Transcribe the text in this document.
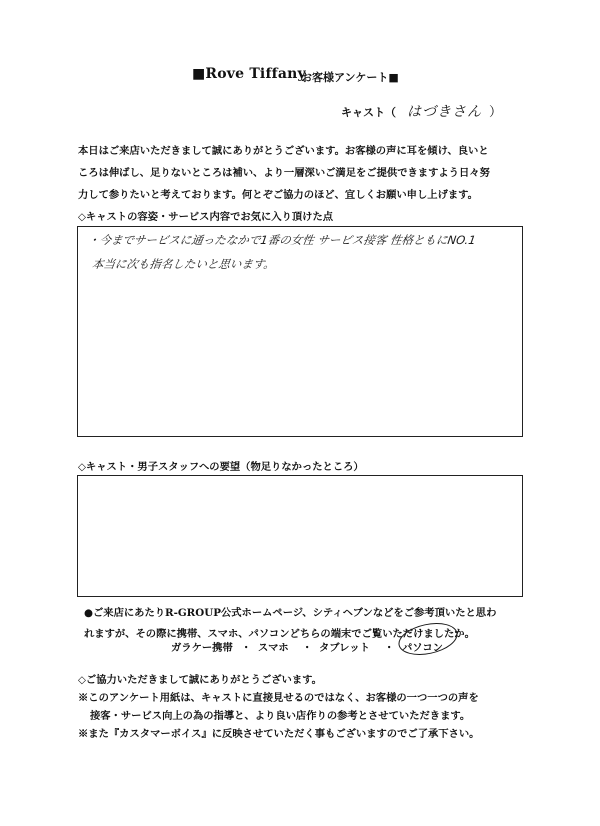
■Rove Tiffany
お客様アンケート■
キャスト（ はづきさん ）
本日はご来店いただきまして誠にありがとうございます。お客様の声に耳を傾け、良いと
ころは伸ばし、足りないところは補い、より一層深いご満足をご提供できますよう日々努
力して参りたいと考えております。何とぞご協力のほど、宜しくお願い申し上げます。
◇キャストの容姿・サービス内容でお気に入り頂けた点
・今までサービスに通ったなかで1番の女性 サービス接客 性格ともにNO.1
本当に次も指名したいと思います。
◇キャスト・男子スタッフへの要望（物足りなかったところ）
●ご来店にあたりR-GROUP公式ホームページ、シティヘブンなどをご参考頂いたと思わ
れますが、その際に携帯、スマホ、パソコンどちらの端末でご覧いただけましたか。
ガラケー携帯 ・ スマホ ・ タブレット ・ パソコン
◇ご協力いただきまして誠にありがとうございます。
※このアンケート用紙は、キャストに直接見せるのではなく、お客様の一つ一つの声を
接客・サービス向上の為の指導と、より良い店作りの参考とさせていただきます。
※また『カスタマーボイス』に反映させていただく事もございますのでご了承下さい。
